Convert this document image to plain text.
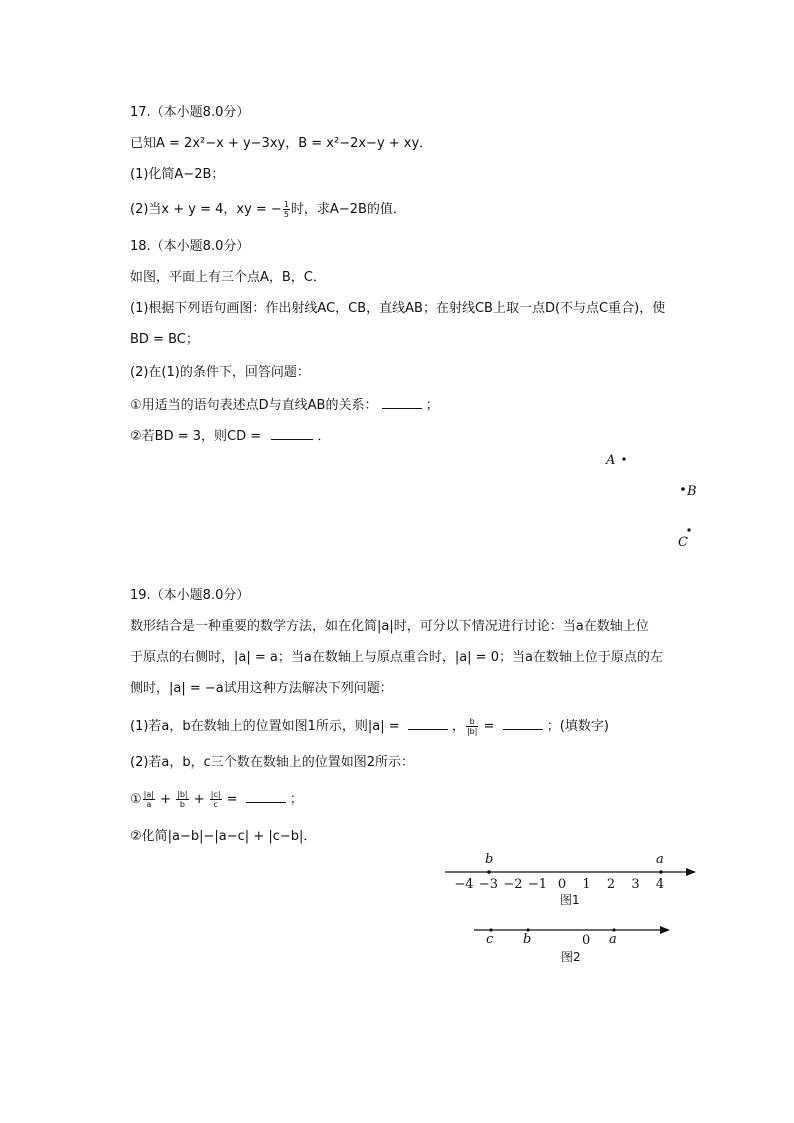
17.（本小题8.0分）
已知A = 2x²−x + y−3xy，B = x²−2x−y + xy．
(1)化简A−2B；
(2)当x + y = 4，xy = − $\frac{1}{5}$ 时，求A−2B的值．
18.（本小题8.0分）
如图，平面上有三个点A，B，C．
(1)根据下列语句画图：作出射线AC，CB，直线AB；在射线CB上取一点D(不与点C重合)，使
BD = BC；
(2)在(1)的条件下，回答问题：
①用适当的语句表述点D与直线AB的关系：	；
②若BD = 3，则CD =	．
A
B
C
19.（本小题8.0分）
数形结合是一种重要的数学方法，如在化简|a|时，可分以下情况进行讨论：当a在数轴上位
于原点的右侧时，|a| = a；当a在数轴上与原点重合时，|a| = 0；当a在数轴上位于原点的左
侧时，|a| = −a试用这种方法解决下列问题：
(1)若a，b在数轴上的位置如图1所示，则|a| =	， $\frac{b}{|b|}$ =	；(填数字)
(2)若a，b，c三个数在数轴上的位置如图2所示：
① $\frac{|a|}{a} + \frac{|b|}{b} + \frac{|c|}{c}$ =	；
②化简|a−b|−|a−c| + |c−b|．
−4 −3 −2 −1 0 1 2 3 4
b	a
图1
c b	0 a
图2
